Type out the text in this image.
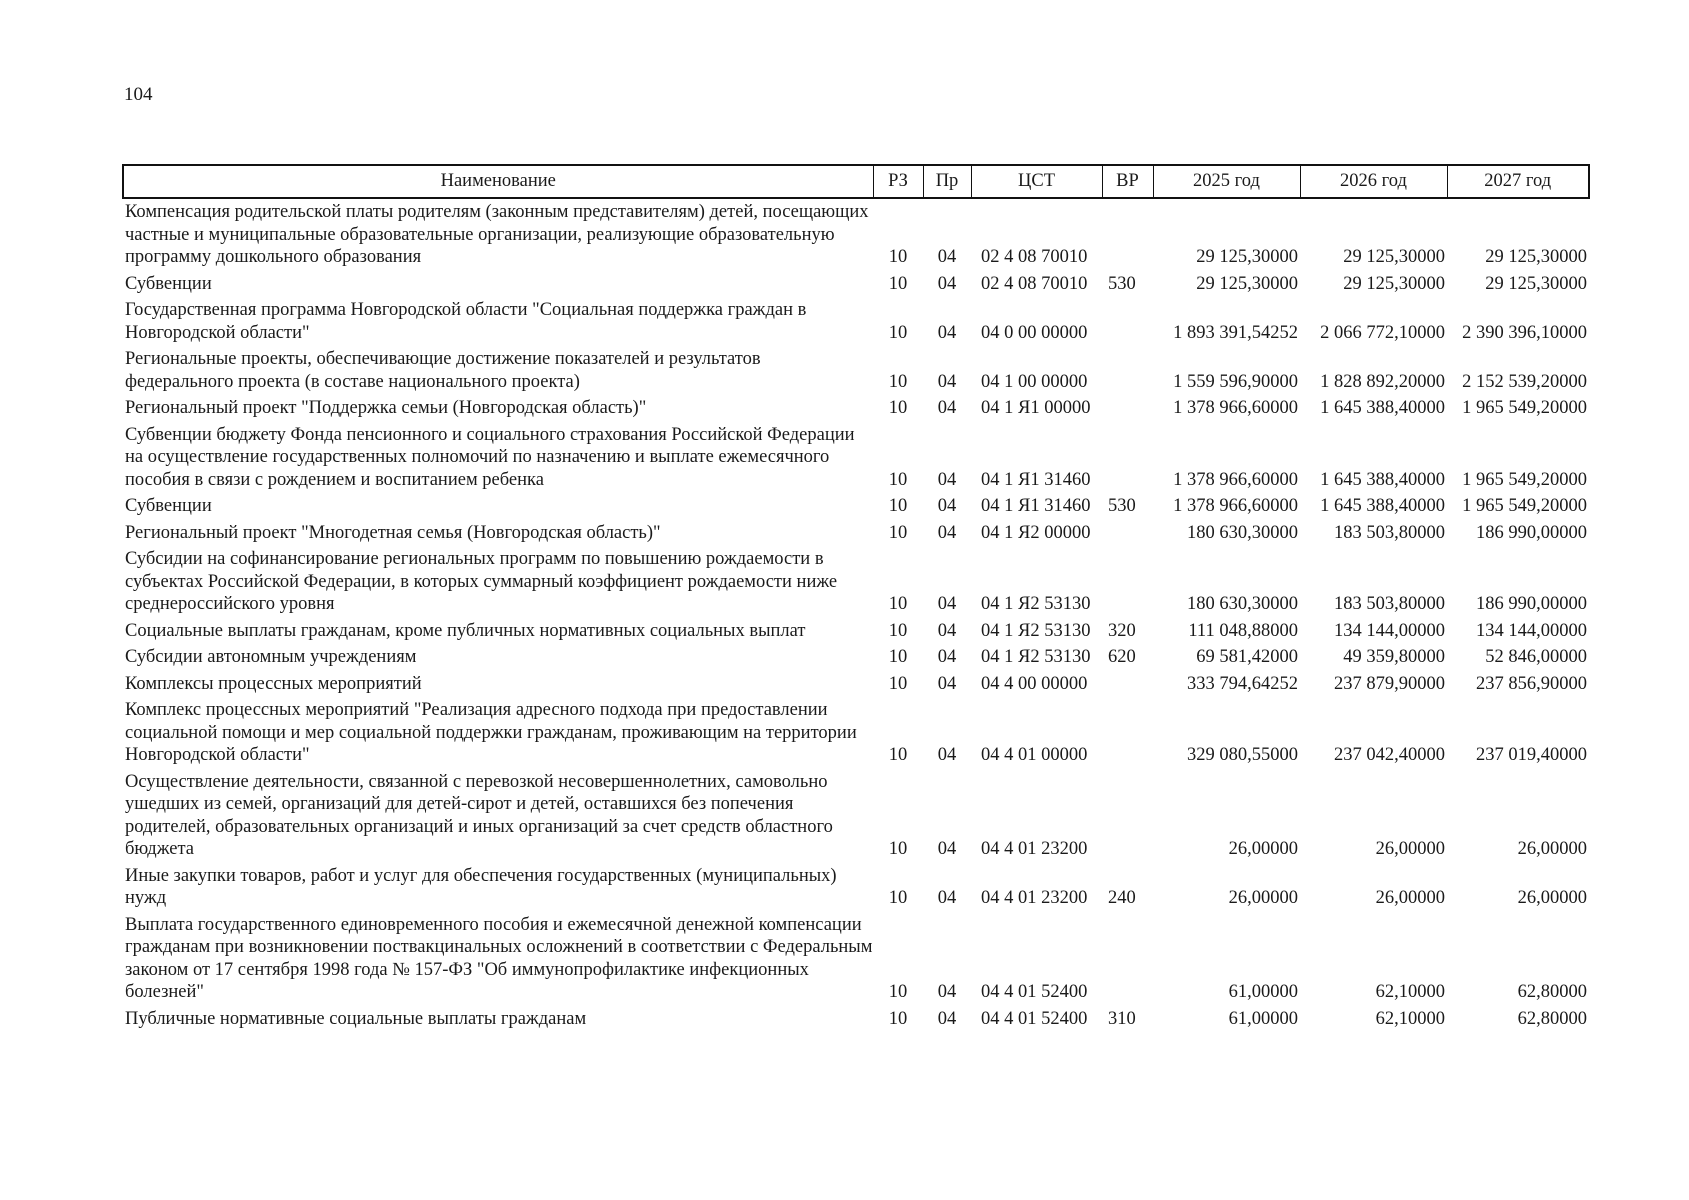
104
Наименование	РЗ	Пр	ЦСТ	ВР	2025 год	2026 год	2027 год
Компенсация родительской платы родителям (законным представителям) детей, посещающих частные и муниципальные образовательные организации, реализующие образовательную программу дошкольного образования	10	04	02 4 08 70010		29 125,30000	29 125,30000	29 125,30000
Субвенции	10	04	02 4 08 70010	530	29 125,30000	29 125,30000	29 125,30000
Государственная программа Новгородской области "Социальная поддержка граждан в Новгородской области"	10	04	04 0 00 00000		1 893 391,54252	2 066 772,10000	2 390 396,10000
Региональные проекты, обеспечивающие достижение показателей и результатов федерального проекта (в составе национального проекта)	10	04	04 1 00 00000		1 559 596,90000	1 828 892,20000	2 152 539,20000
Региональный проект "Поддержка семьи (Новгородская область)"	10	04	04 1 Я1 00000		1 378 966,60000	1 645 388,40000	1 965 549,20000
Субвенции бюджету Фонда пенсионного и социального страхования Российской Федерации на осуществление государственных полномочий по назначению и выплате ежемесячного пособия в связи с рождением и воспитанием ребенка	10	04	04 1 Я1 31460		1 378 966,60000	1 645 388,40000	1 965 549,20000
Субвенции	10	04	04 1 Я1 31460	530	1 378 966,60000	1 645 388,40000	1 965 549,20000
Региональный проект "Многодетная семья (Новгородская область)"	10	04	04 1 Я2 00000		180 630,30000	183 503,80000	186 990,00000
Субсидии на софинансирование региональных программ по повышению рождаемости в субъектах Российской Федерации, в которых суммарный коэффициент рождаемости ниже среднероссийского уровня	10	04	04 1 Я2 53130		180 630,30000	183 503,80000	186 990,00000
Социальные выплаты гражданам, кроме публичных нормативных социальных выплат	10	04	04 1 Я2 53130	320	111 048,88000	134 144,00000	134 144,00000
Субсидии автономным учреждениям	10	04	04 1 Я2 53130	620	69 581,42000	49 359,80000	52 846,00000
Комплексы процессных мероприятий	10	04	04 4 00 00000		333 794,64252	237 879,90000	237 856,90000
Комплекс процессных мероприятий "Реализация адресного подхода при предоставлении социальной помощи и мер социальной поддержки гражданам, проживающим на территории Новгородской области"	10	04	04 4 01 00000		329 080,55000	237 042,40000	237 019,40000
Осуществление деятельности, связанной с перевозкой несовершеннолетних, самовольно ушедших из семей, организаций для детей-сирот и детей, оставшихся без попечения родителей, образовательных организаций и иных организаций за счет средств областного бюджета	10	04	04 4 01 23200		26,00000	26,00000	26,00000
Иные закупки товаров, работ и услуг для обеспечения государственных (муниципальных) нужд	10	04	04 4 01 23200	240	26,00000	26,00000	26,00000
Выплата государственного единовременного пособия и ежемесячной денежной компенсации гражданам при возникновении поствакцинальных осложнений в соответствии с Федеральным законом от 17 сентября 1998 года № 157-ФЗ "Об иммунопрофилактике инфекционных болезней"	10	04	04 4 01 52400		61,00000	62,10000	62,80000
Публичные нормативные социальные выплаты гражданам	10	04	04 4 01 52400	310	61,00000	62,10000	62,80000
